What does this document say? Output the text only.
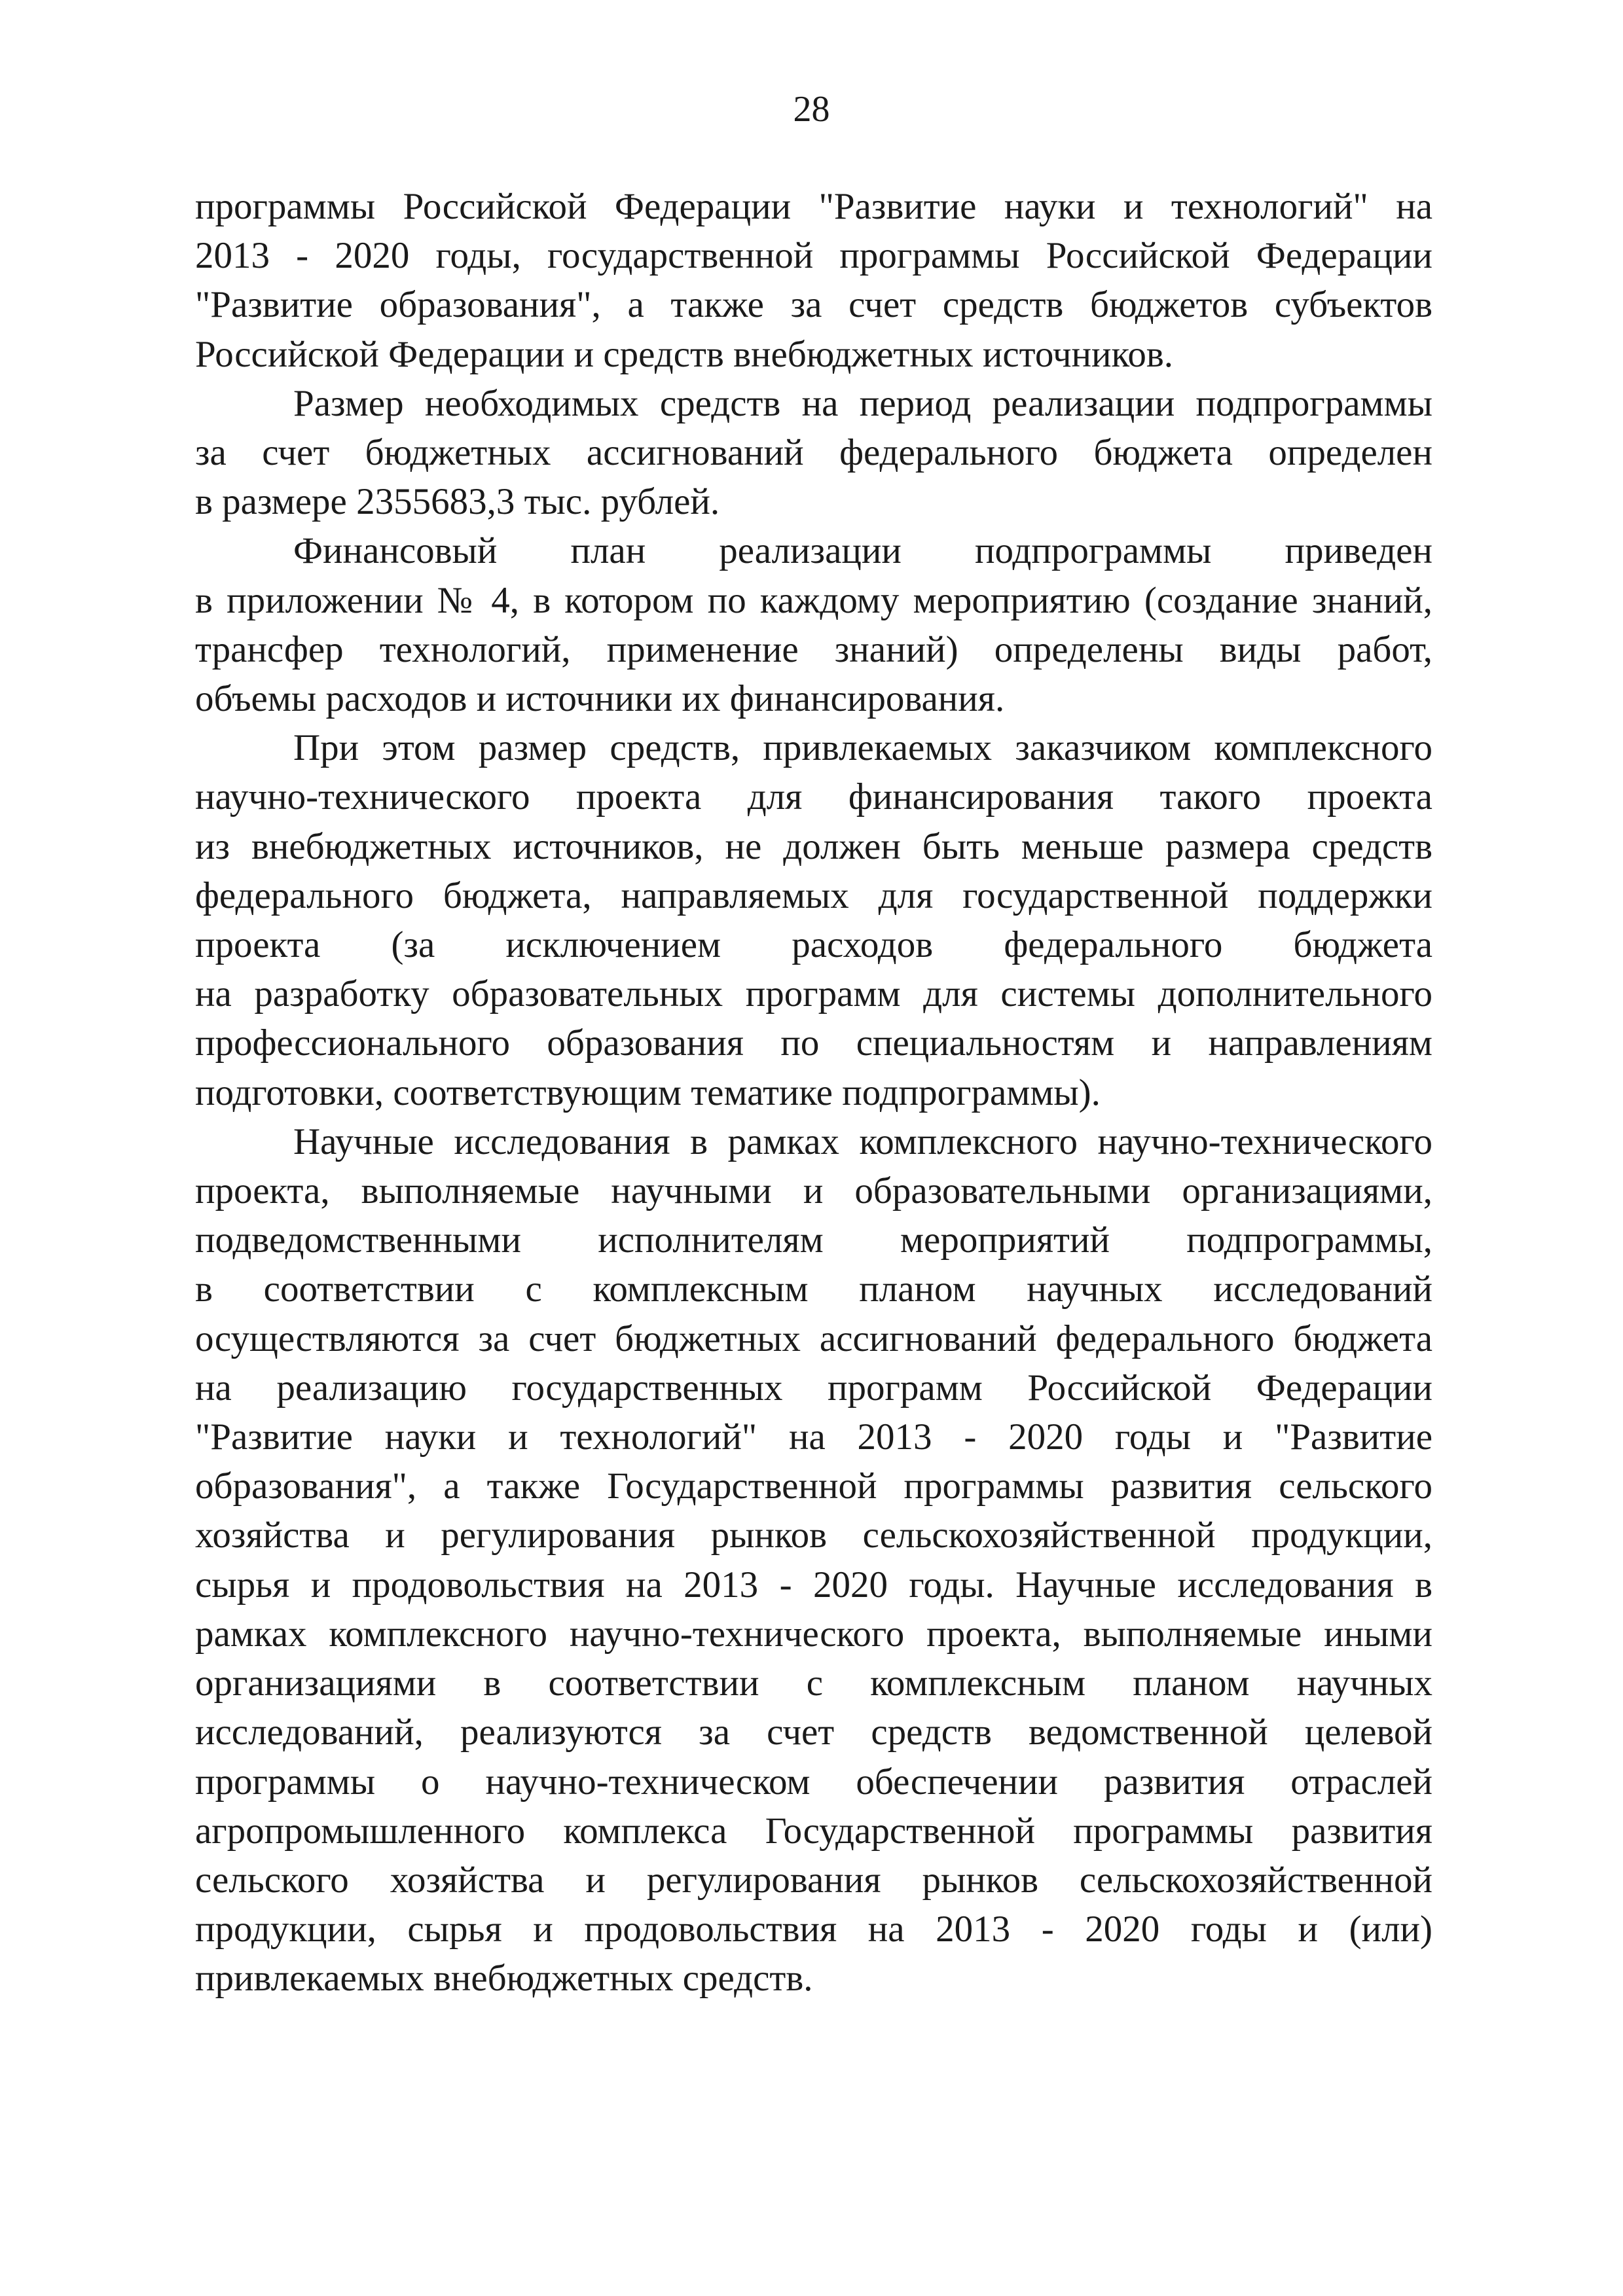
28

программы Российской Федерации "Развитие науки и технологий" на

2013 - 2020 годы, государственной программы Российской Федерации

"Развитие образования", а также за счет средств бюджетов субъектов

Российской Федерации и средств внебюджетных источников.

Размер необходимых средств на период реализации подпрограммы

за счет бюджетных ассигнований федерального бюджета определен

в размере 2355683,3 тыс. рублей.

Финансовый план реализации подпрограммы приведен

в приложении № 4, в котором по каждому мероприятию (создание знаний,

трансфер технологий, применение знаний) определены виды работ,

объемы расходов и источники их финансирования.

При этом размер средств, привлекаемых заказчиком комплексного

научно-технического проекта для финансирования такого проекта

из внебюджетных источников, не должен быть меньше размера средств

федерального бюджета, направляемых для государственной поддержки

проекта (за исключением расходов федерального бюджета

на разработку образовательных программ для системы дополнительного

профессионального образования по специальностям и направлениям

подготовки, соответствующим тематике подпрограммы).

Научные исследования в рамках комплексного научно-технического

проекта, выполняемые научными и образовательными организациями,

подведомственными исполнителям мероприятий подпрограммы,

в соответствии с комплексным планом научных исследований

осуществляются за счет бюджетных ассигнований федерального бюджета

на реализацию государственных программ Российской Федерации

"Развитие науки и технологий" на 2013 - 2020 годы и "Развитие

образования", а также Государственной программы развития сельского

хозяйства и регулирования рынков сельскохозяйственной продукции,

сырья и продовольствия на 2013 - 2020 годы. Научные исследования в

рамках комплексного научно-технического проекта, выполняемые иными

организациями в соответствии с комплексным планом научных

исследований, реализуются за счет средств ведомственной целевой

программы о научно-техническом обеспечении развития отраслей

агропромышленного комплекса Государственной программы развития

сельского хозяйства и регулирования рынков сельскохозяйственной

продукции, сырья и продовольствия на 2013 - 2020 годы и (или)

привлекаемых внебюджетных средств.
